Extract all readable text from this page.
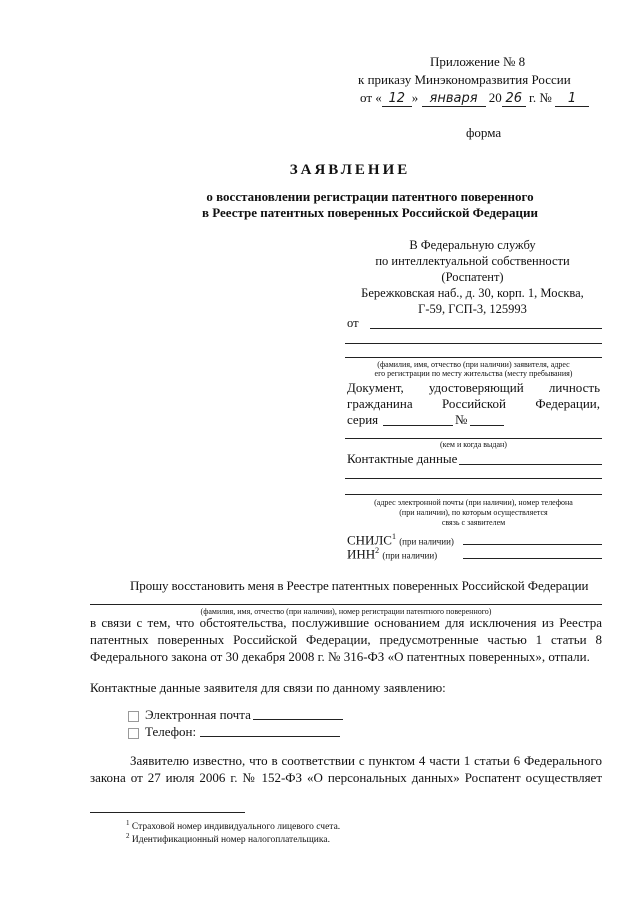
Приложение № 8
к приказу Минэкономразвития России
от « 12 » января 20 26 г. № 1
форма
ЗАЯВЛЕНИЕ
о восстановлении регистрации патентного поверенного
в Реестре патентных поверенных Российской Федерации
В Федеральную службу
по интеллектуальной собственности
(Роспатент)
Бережковская наб., д. 30, корп. 1, Москва,
Г-59, ГСП-3, 125993
от
(фамилия, имя, отчество (при наличии) заявителя, адрес
его регистрации по месту жительства (месту пребывания)
Документ, удостоверяющий личность
гражданина Российской Федерации,
серия	№
(кем и когда выдан)
Контактные данные
(адрес электронной почты (при наличии), номер телефона
(при наличии), по которым осуществляется
связь с заявителем
СНИЛС$^1$ (при наличии)
ИНН$^2$ (при наличии)
Прошу восстановить меня в Реестре патентных поверенных Российской Федерации
(фамилия, имя, отчество (при наличии), номер регистрации патентного поверенного)
в связи с тем, что обстоятельства, послужившие основанием для исключения из Реестра
патентных поверенных Российской Федерации, предусмотренные частью 1 статьи 8
Федерального закона от 30 декабря 2008 г. № 316-ФЗ «О патентных поверенных», отпали.
Контактные данные заявителя для связи по данному заявлению:
Электронная почта
Телефон:
Заявителю известно, что в соответствии с пунктом 4 части 1 статьи 6 Федерального
закона от 27 июля 2006 г. № 152-ФЗ «О персональных данных» Роспатент осуществляет
$^1$ Страховой номер индивидуального лицевого счета.
$^2$ Идентификационный номер налогоплательщика.
